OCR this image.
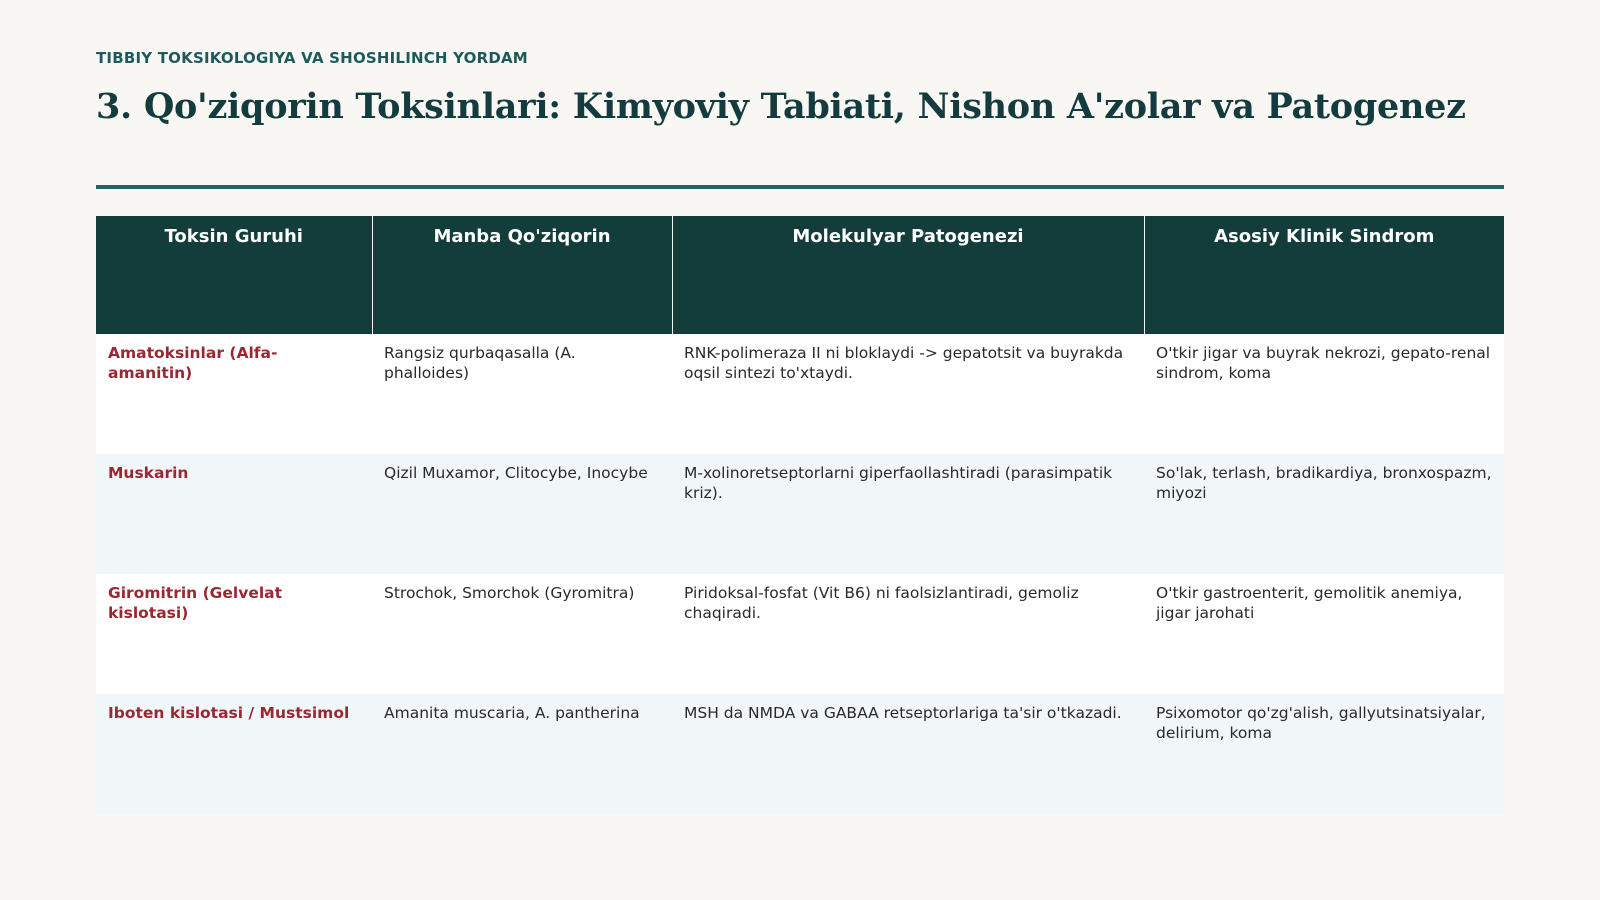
TIBBIY TOKSIKOLOGIYA VA SHOSHILINCH YORDAM
3. Qo'ziqorin Toksinlari: Kimyoviy Tabiati, Nishon A'zolar va Patogenez
Toksin Guruhi	Manba Qo'ziqorin	Molekulyar Patogenezi	Asosiy Klinik Sindrom
Amatoksinlar (Alfa-amanitin)	Rangsiz qurbaqasalla (A. phalloides)	RNK-polimeraza II ni bloklaydi -> gepatotsit va buyrakda oqsil sintezi to'xtaydi.	O'tkir jigar va buyrak nekrozi, gepato-renal sindrom, koma
Muskarin	Qizil Muxamor, Clitocybe, Inocybe	M-xolinoretseptorlarni giperfaollashtiradi (parasimpatik kriz).	So'lak, terlash, bradikardiya, bronxospazm, miyozi
Giromitrin (Gelvelat kislotasi)	Strochok, Smorchok (Gyromitra)	Piridoksal-fosfat (Vit B6) ni faolsizlantiradi, gemoliz chaqiradi.	O'tkir gastroenterit, gemolitik anemiya, jigar jarohati
Iboten kislotasi / Mustsimol	Amanita muscaria, A. pantherina	MSH da NMDA va GABAA retseptorlariga ta'sir o'tkazadi.	Psixomotor qo'zg'alish, gallyutsinatsiyalar, delirium, koma
